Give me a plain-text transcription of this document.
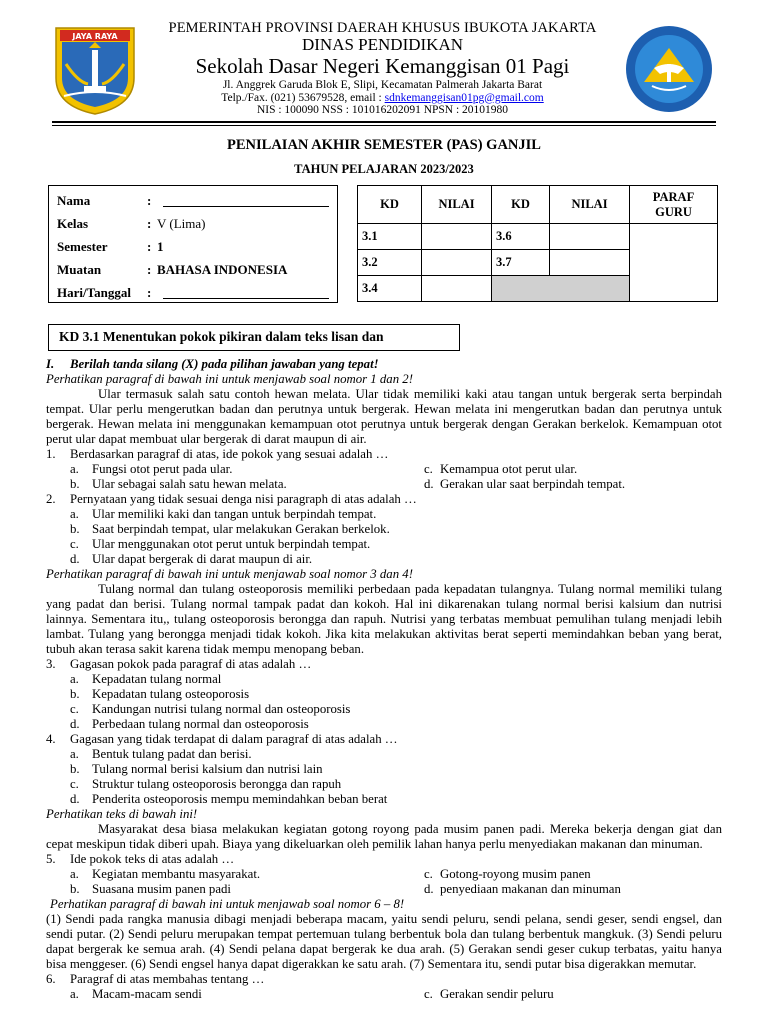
JAYA RAYA
PEMERINTAH PROVINSI DAERAH KHUSUS IBUKOTA JAKARTA
DINAS PENDIDIKAN
Sekolah Dasar Negeri Kemanggisan 01 Pagi
Jl. Anggrek Garuda Blok E, Slipi, Kecamatan Palmerah Jakarta Barat
Telp./Fax. (021) 53679528, email : sdnkemanggisan01pg@gmail.com
NIS : 100090 NSS : 101016202091 NPSN : 20101980
PENILAIAN AKHIR SEMESTER (PAS) GANJIL
TAHUN PELAJARAN 2023/2023
Nama	:
Kelas	: V (Lima)
Semester	: 1
Muatan	: BAHASA INDONESIA
Hari/Tanggal :
KD	NILAI	KD	NILAI	PARAF GURU
3.1		3.6		
3.2		3.7		
3.4				
KD 3.1 Menentukan pokok pikiran dalam teks lisan dan
I. Berilah tanda silang (X) pada pilihan jawaban yang tepat!
Perhatikan paragraf di bawah ini untuk menjawab soal nomor 1 dan 2!
Ular termasuk salah satu contoh hewan melata. Ular tidak memiliki kaki atau tangan untuk bergerak serta berpindah tempat. Ular perlu mengerutkan badan dan perutnya untuk bergerak. Hewan melata ini mengerutkan badan dan perutnya untuk bergerak. Hewan melata ini menggunakan kemampuan otot perutnya untuk bergerak dengan Gerakan berkelok. Kemampuan otot perut ular dapat membuat ular bergerak di darat maupun di air.
1. Berdasarkan paragraf di atas, ide pokok yang sesuai adalah …
a. Fungsi otot perut pada ular.	c. Kemampua otot perut ular.
b. Ular sebagai salah satu hewan melata.	d. Gerakan ular saat berpindah tempat.
2. Pernyataan yang tidak sesuai denga nisi paragraph di atas adalah …
a. Ular memiliki kaki dan tangan untuk berpindah tempat.
b. Saat berpindah tempat, ular melakukan Gerakan berkelok.
c. Ular menggunakan otot perut untuk berpindah tempat.
d. Ular dapat bergerak di darat maupun di air.
Perhatikan paragraf di bawah ini untuk menjawab soal nomor 3 dan 4!
Tulang normal dan tulang osteoporosis memiliki perbedaan pada kepadatan tulangnya. Tulang normal memiliki tulang yang padat dan berisi. Tulang normal tampak padat dan kokoh. Hal ini dikarenakan tulang normal berisi kalsium dan nutrisi lainnya. Sementara itu,, tulang osteoporosis berongga dan rapuh. Nutrisi yang terbatas membuat pemulihan tulang menjadi lebih lambat. Tulang yang berongga menjadi tidak kokoh. Jika kita melakukan aktivitas berat seperti memindahkan beban yang berat, tubuh akan terasa sakit karena tidak mempu menopang beban.
3. Gagasan pokok pada paragraf di atas adalah …
a. Kepadatan tulang normal
b. Kepadatan tulang osteoporosis
c. Kandungan nutrisi tulang normal dan osteoporosis
d. Perbedaan tulang normal dan osteoporosis
4. Gagasan yang tidak terdapat di dalam paragraf di atas adalah …
a. Bentuk tulang padat dan berisi.
b. Tulang normal berisi kalsium dan nutrisi lain
c. Struktur tulang osteoporosis berongga dan rapuh
d. Penderita osteoporosis mempu memindahkan beban berat
Perhatikan teks di bawah ini!
Masyarakat desa biasa melakukan kegiatan gotong royong pada musim panen padi. Mereka bekerja dengan giat dan cepat meskipun tidak diberi upah. Biaya yang dikeluarkan oleh pemilik lahan hanya perlu menyediakan makanan dan minuman.
5. Ide pokok teks di atas adalah …
a. Kegiatan membantu masyarakat.	c. Gotong-royong musim panen
b. Suasana musim panen padi	d. penyediaan makanan dan minuman
Perhatikan paragraf di bawah ini untuk menjawab soal nomor 6 – 8!
(1) Sendi pada rangka manusia dibagi menjadi beberapa macam, yaitu sendi peluru, sendi pelana, sendi geser, sendi engsel, dan sendi putar. (2) Sendi peluru merupakan tempat pertemuan tulang berbentuk bola dan tulang berbentuk mangkuk. (3) Sendi peluru dapat bergerak ke semua arah. (4) Sendi pelana dapat bergerak ke dua arah. (5) Gerakan sendi geser cukup terbatas, yaitu hanya bisa menggeser. (6) Sendi engsel hanya dapat digerakkan ke satu arah. (7) Sementara itu, sendi putar bisa digerakkan memutar.
6. Paragraf di atas membahas tentang …
a. Macam-macam sendi	c. Gerakan sendir peluru
